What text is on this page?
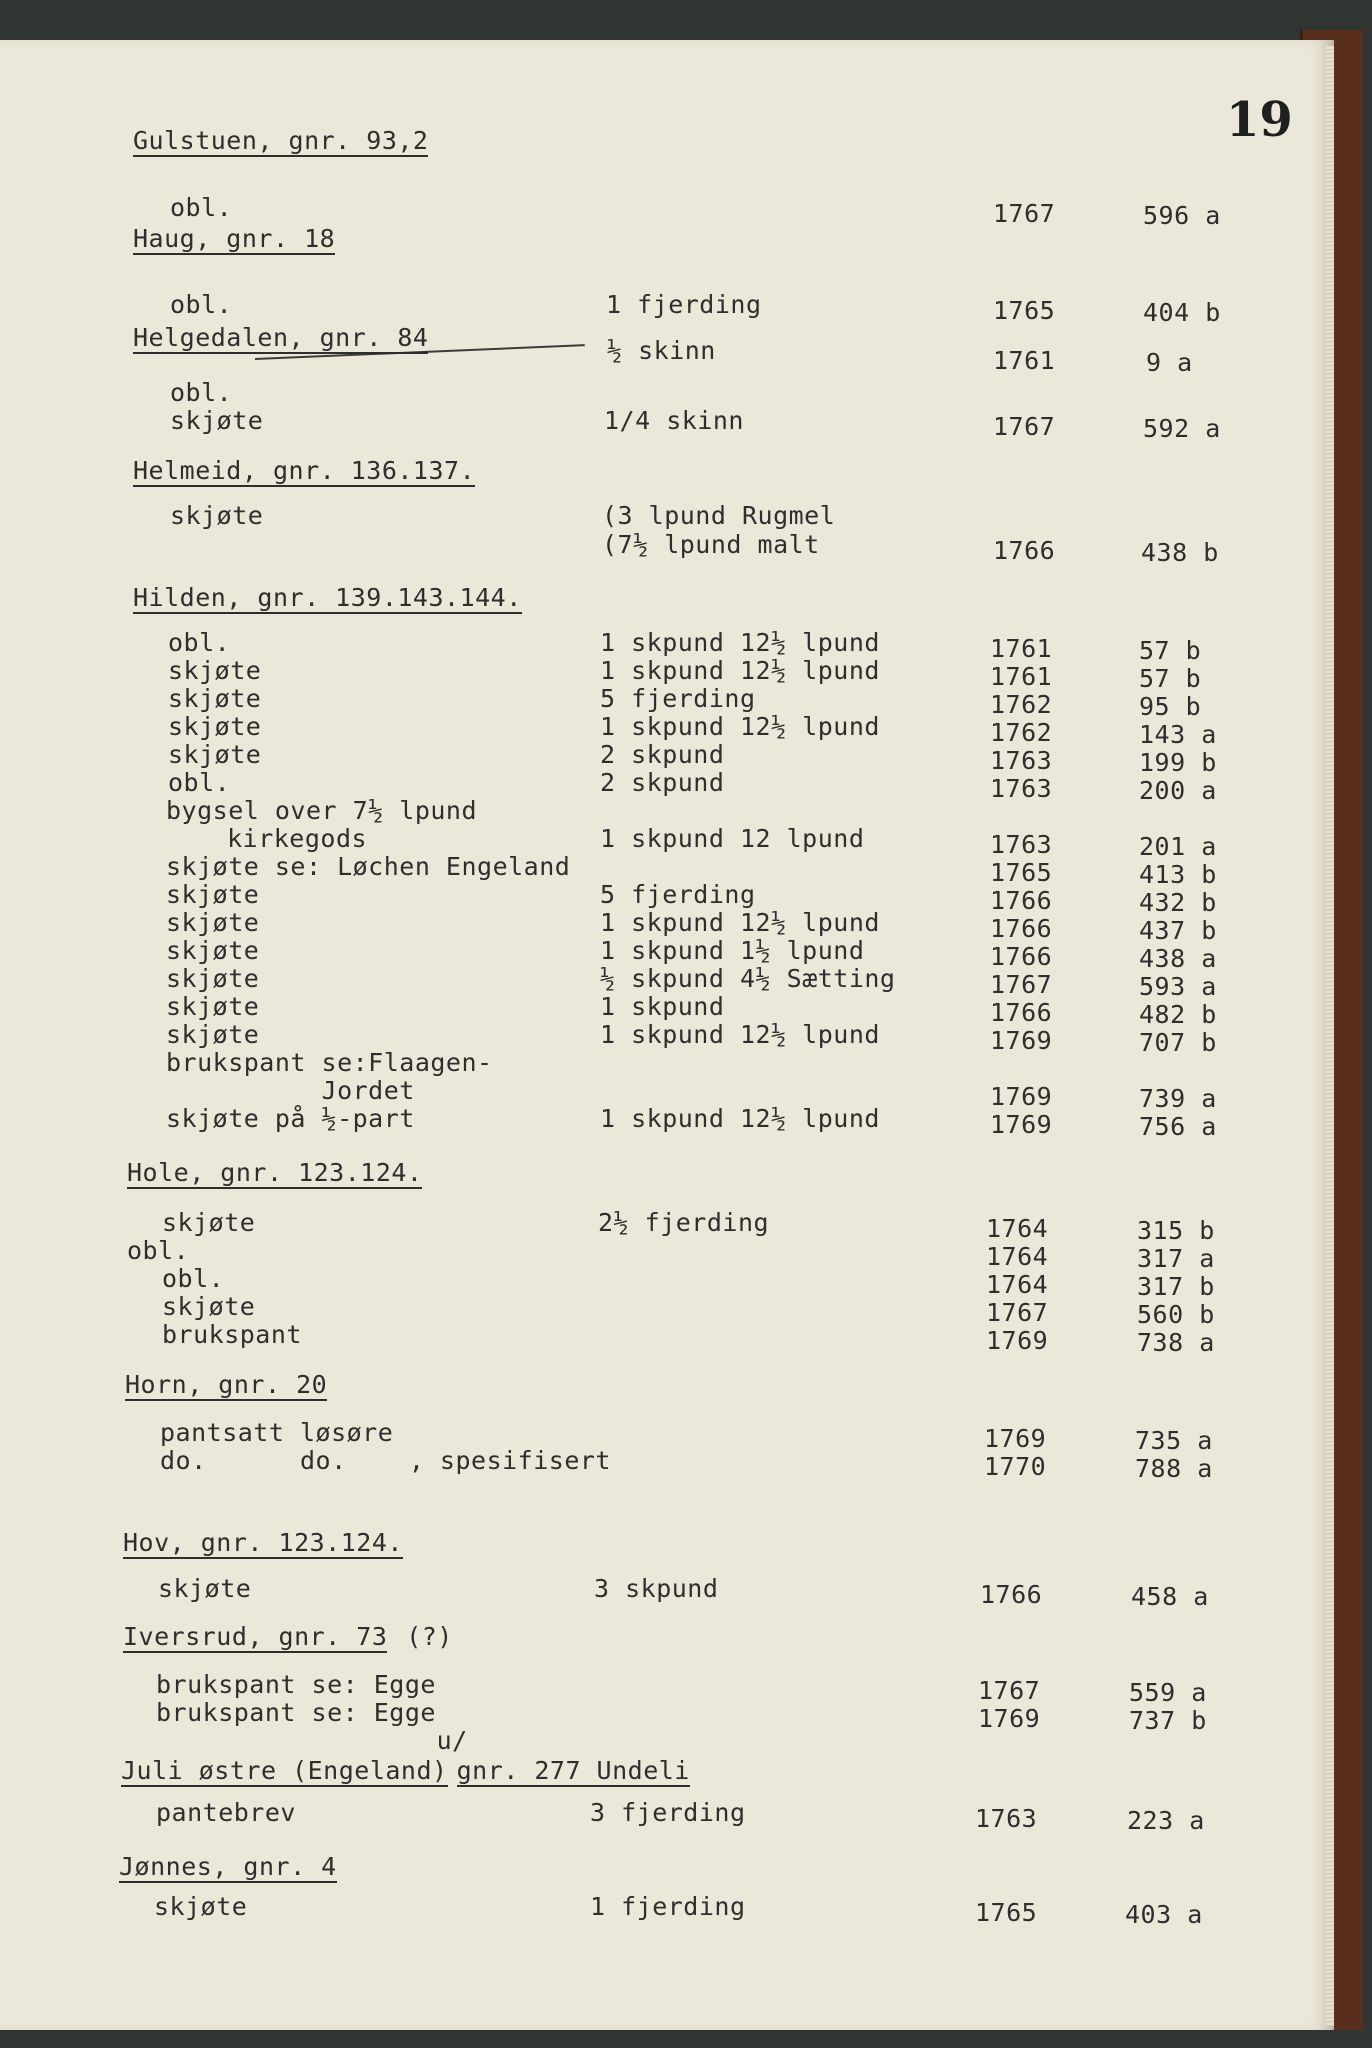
19
Gulstuen, gnr. 93,2
obl.	1767	596 a
Haug, gnr. 18
obl.	1 fjerding	1765	404 b
Helgedalen, gnr. 84	½ skinn	1761	9 a
obl.
skjøte	1/4 skinn	1767	592 a
Helmeid, gnr. 136.137.
skjøte	(3 lpund Rugmel
(7½ lpund malt	1766	438 b
Hilden, gnr. 139.143.144.
obl.	1 skpund 12½ lpund	1761	57 b
skjøte	1 skpund 12½ lpund	1761	57 b
skjøte	5 fjerding	1762	95 b
skjøte	1 skpund 12½ lpund	1762	143 a
skjøte	2 skpund	1763	199 b
obl.	2 skpund	1763	200 a
bygsel over 7½ lpund
kirkegods	1 skpund 12 lpund	1763	201 a
skjøte se: Løchen Engeland	1765	413 b
skjøte	5 fjerding	1766	432 b
skjøte	1 skpund 12½ lpund	1766	437 b
skjøte	1 skpund 1½ lpund	1766	438 a
skjøte	½ skpund 4½ Sætting	1767	593 a
skjøte	1 skpund	1766	482 b
skjøte	1 skpund 12½ lpund	1769	707 b
brukspant se:Flaagen-
Jordet	1769	739 a
skjøte på ½-part	1 skpund 12½ lpund	1769	756 a
Hole, gnr. 123.124.
skjøte	2½ fjerding	1764	315 b
obl.	1764	317 a
obl.	1764	317 b
skjøte	1767	560 b
brukspant	1769	738 a
Horn, gnr. 20
pantsatt løsøre	1769	735 a
do.      do.    , spesifisert	1770	788 a
Hov, gnr. 123.124.
skjøte	3 skpund	1766	458 a
Iversrud, gnr. 73 (?)
brukspant se: Egge	1767	559 a
brukspant se: Egge	1769	737 b
Juli østre (Engeland)
u/
gnr. 277 Undeli
pantebrev	3 fjerding	1763	223 a
Jønnes, gnr. 4
skjøte	1 fjerding	1765	403 a
